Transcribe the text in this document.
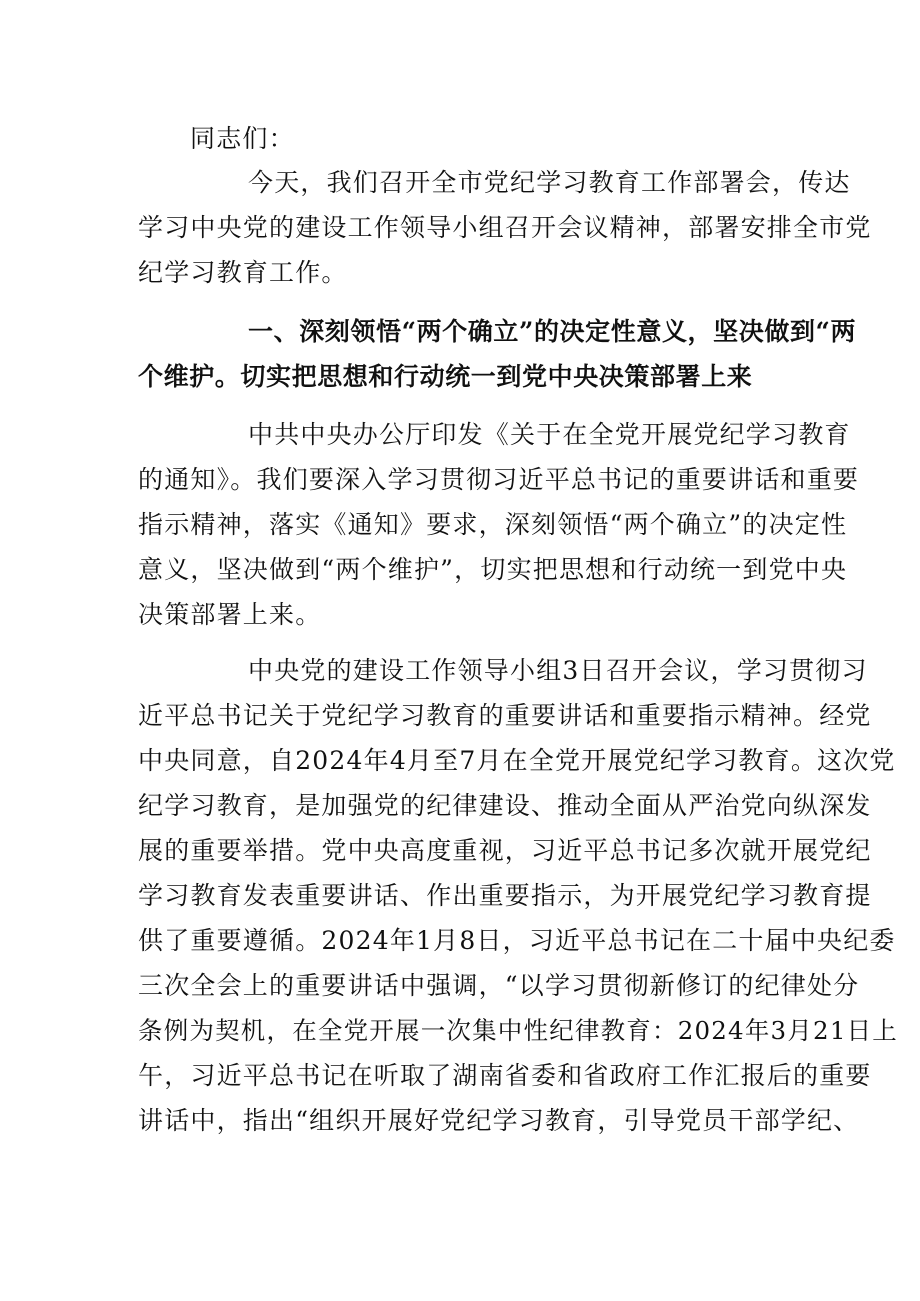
同志们：
今天，我们召开全市党纪学习教育工作部署会，传达
学习中央党的建设工作领导小组召开会议精神，部署安排全市党
纪学习教育工作。
一、深刻领悟“两个确立”的决定性意义，坚决做到“两
个维护。切实把思想和行动统一到党中央决策部署上来
中共中央办公厅印发《关于在全党开展党纪学习教育
的通知》。我们要深入学习贯彻习近平总书记的重要讲话和重要
指示精神，落实《通知》要求，深刻领悟“两个确立”的决定性
意义，坚决做到“两个维护”，切实把思想和行动统一到党中央
决策部署上来。
中央党的建设工作领导小组3日召开会议，学习贯彻习
近平总书记关于党纪学习教育的重要讲话和重要指示精神。经党
中央同意，自2024年4月至7月在全党开展党纪学习教育。这次党
纪学习教育，是加强党的纪律建设、推动全面从严治党向纵深发
展的重要举措。党中央高度重视，习近平总书记多次就开展党纪
学习教育发表重要讲话、作出重要指示，为开展党纪学习教育提
供了重要遵循。2024年1月8日，习近平总书记在二十届中央纪委
三次全会上的重要讲话中强调，“以学习贯彻新修订的纪律处分
条例为契机，在全党开展一次集中性纪律教育：2024年3月21日上
午，习近平总书记在听取了湖南省委和省政府工作汇报后的重要
讲话中，指出“组织开展好党纪学习教育，引导党员干部学纪、
